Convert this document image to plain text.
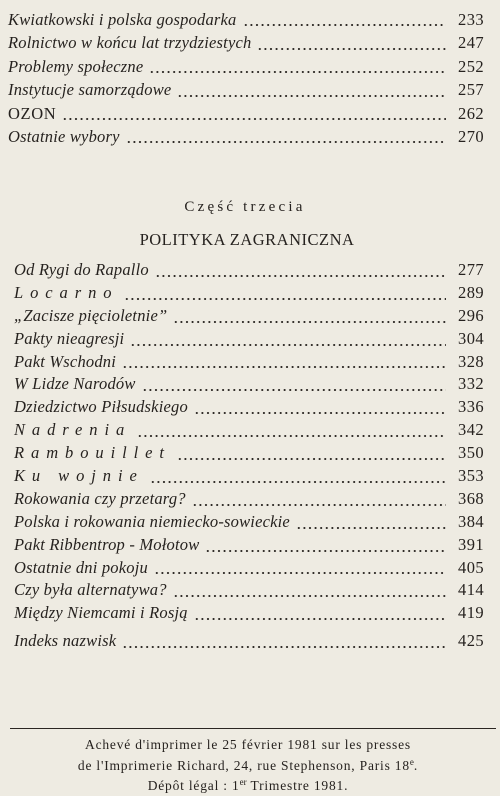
Kwiatkowski i polska gospodarka	233
Rolnictwo w końcu lat trzydziestych	247
Problemy społeczne	252
Instytucje samorządowe	257
OZON	262
Ostatnie wybory	270
Część trzecia
POLITYKA ZAGRANICZNA
Od Rygi do Rapallo	277
Locarno	289
„Zacisze pięcioletnie”	296
Pakty nieagresji	304
Pakt Wschodni	328
W Lidze Narodów	332
Dziedzictwo Piłsudskiego	336
Nadrenia	342
Rambouillet	350
Ku wojnie	353
Rokowania czy przetarg?	368
Polska i rokowania niemiecko-sowieckie	384
Pakt Ribbentrop - Mołotow	391
Ostatnie dni pokoju	405
Czy była alternatywa?	414
Między Niemcami i Rosją	419
Indeks nazwisk	425
Achevé d'imprimer le 25 février 1981 sur les presses
de l'Imprimerie Richard, 24, rue Stephenson, Paris 18e.
Dépôt légal : 1er Trimestre 1981.
